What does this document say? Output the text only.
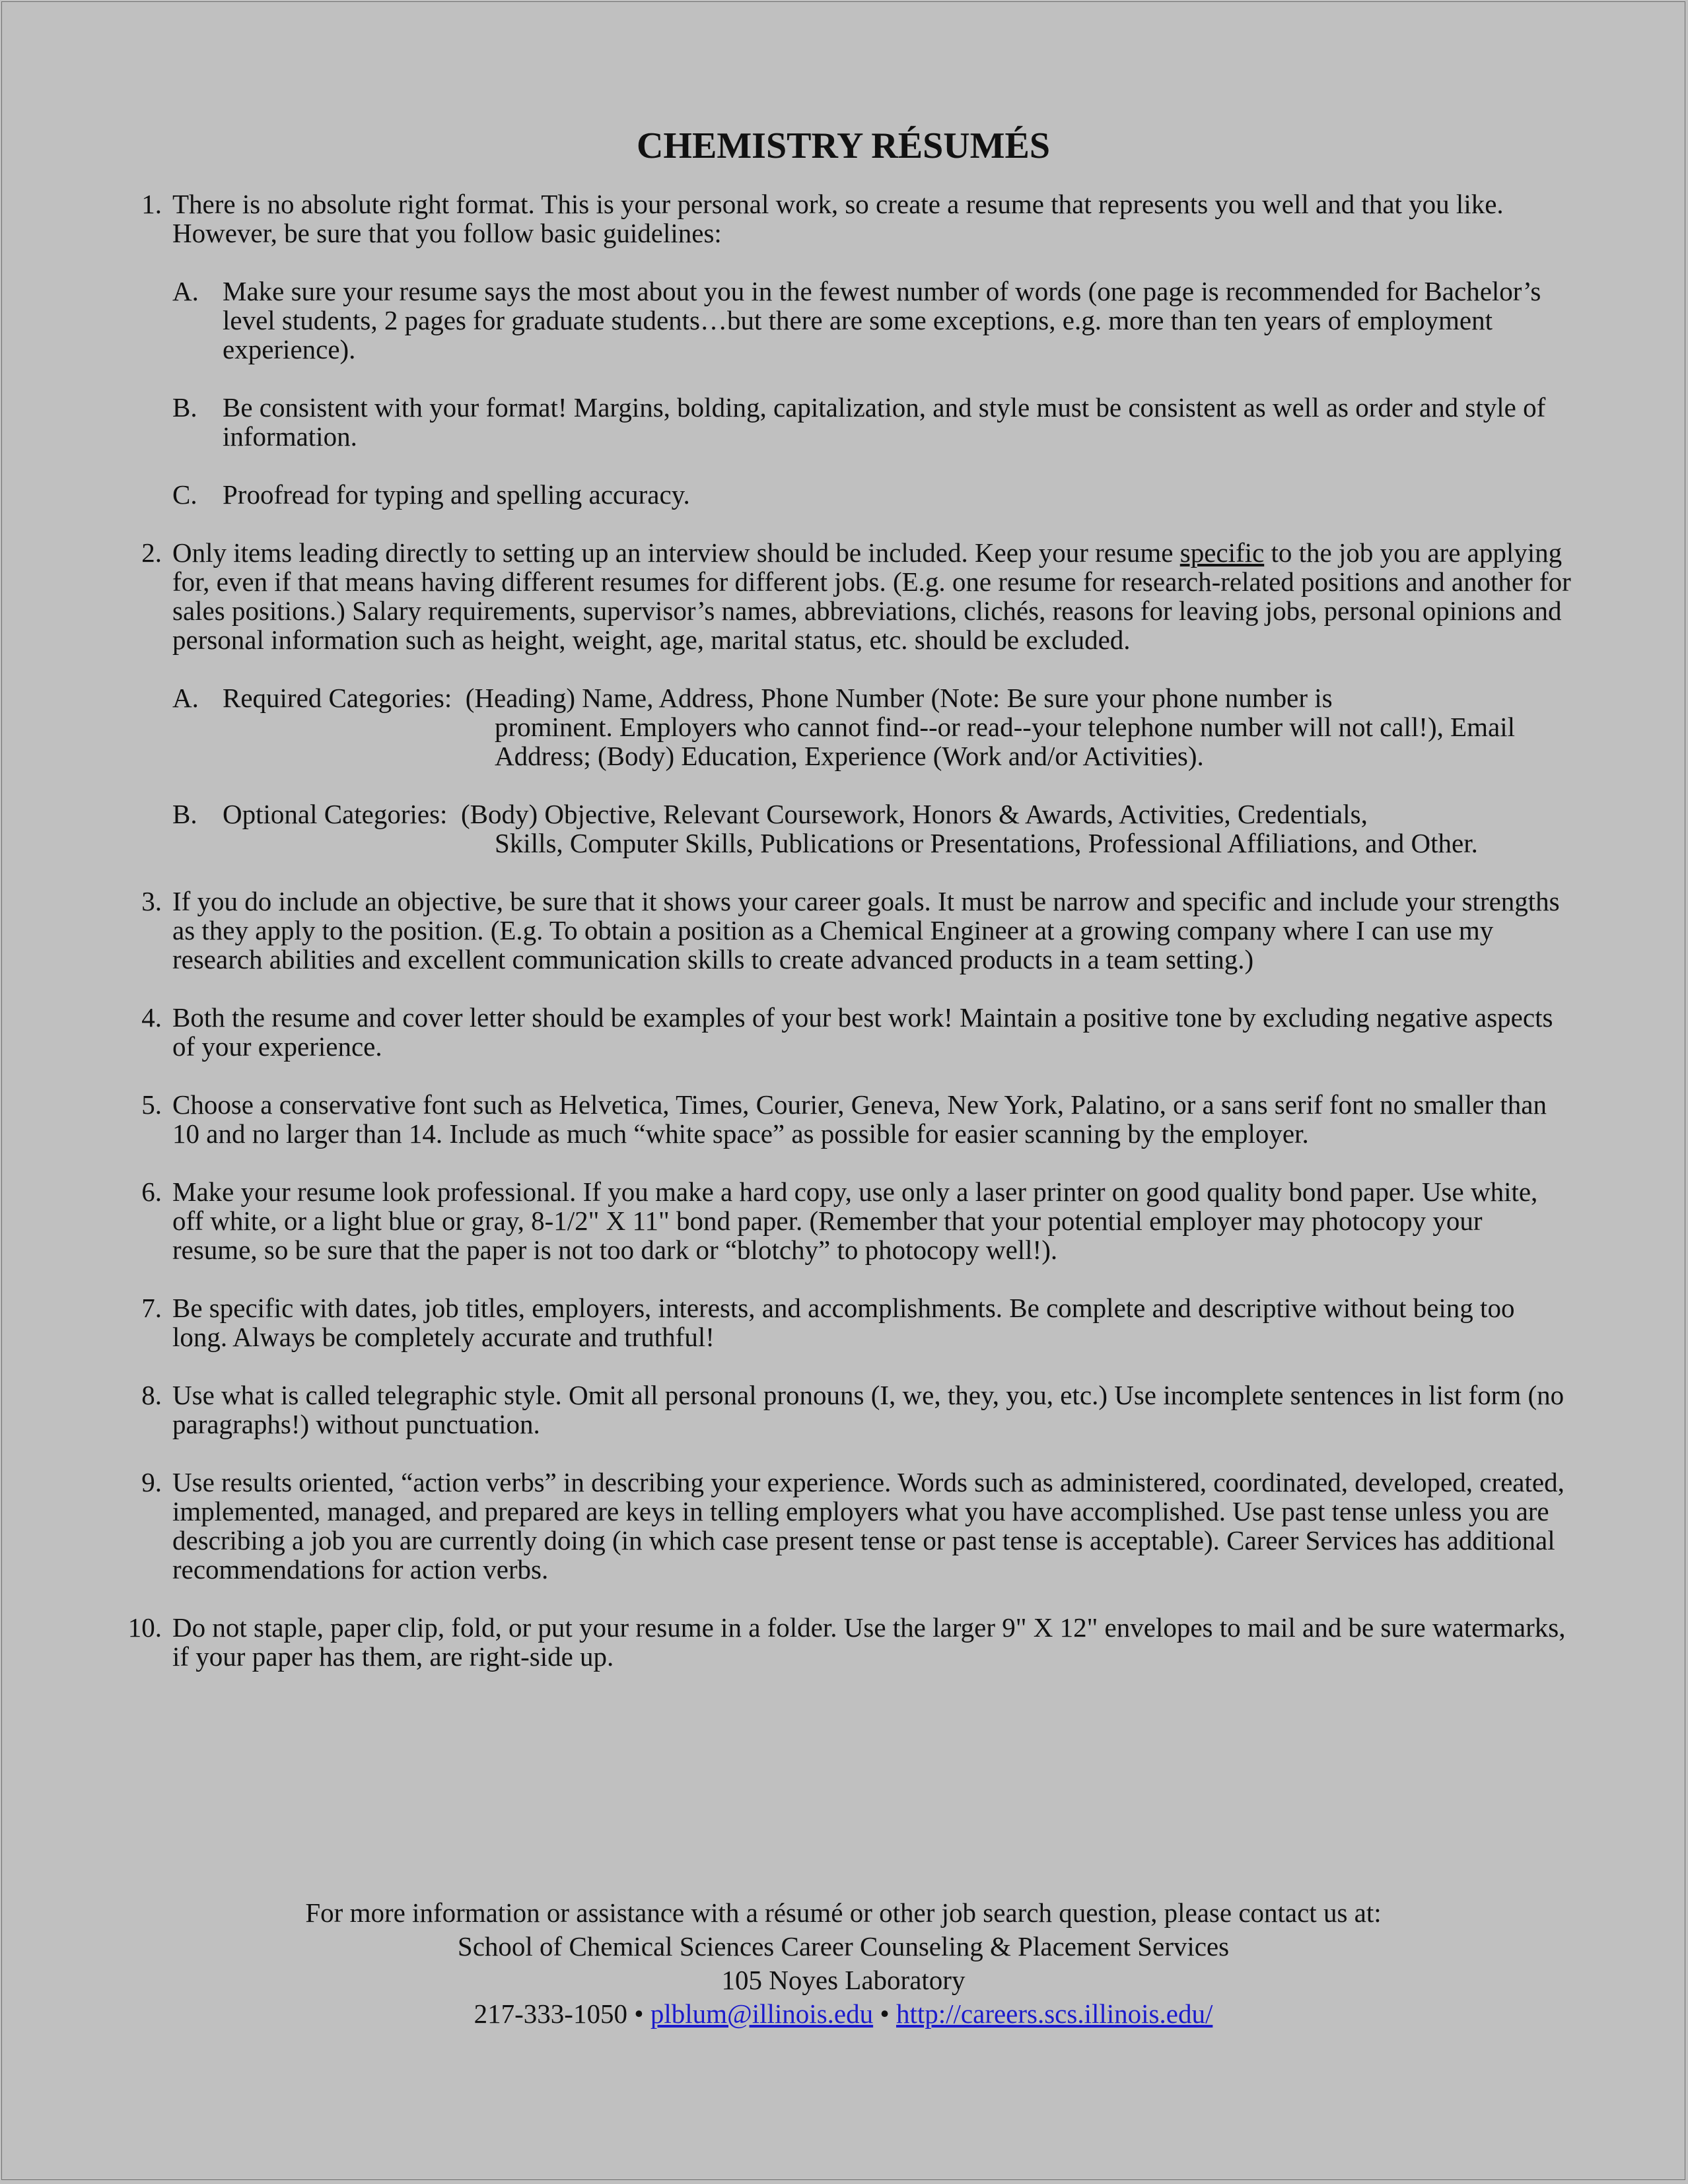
CHEMISTRY RÉSUMÉS
1. There is no absolute right format. This is your personal work, so create a resume that represents you well and that you like. However, be sure that you follow basic guidelines:
A. Make sure your resume says the most about you in the fewest number of words (one page is recommended for Bachelor’s level students, 2 pages for graduate students…but there are some exceptions, e.g. more than ten years of employment experience).
B. Be consistent with your format! Margins, bolding, capitalization, and style must be consistent as well as order and style of information.
C. Proofread for typing and spelling accuracy.
2. Only items leading directly to setting up an interview should be included. Keep your resume specific to the job you are applying for, even if that means having different resumes for different jobs. (E.g. one resume for research-related positions and another for sales positions.) Salary requirements, supervisor’s names, abbreviations, clichés, reasons for leaving jobs, personal opinions and personal information such as height, weight, age, marital status, etc. should be excluded.
A. Required Categories:  (Heading) Name, Address, Phone Number (Note: Be sure your phone number is
prominent. Employers who cannot find--or read--your telephone number will not call!), Email Address; (Body) Education, Experience (Work and/or Activities).
B. Optional Categories:  (Body) Objective, Relevant Coursework, Honors & Awards, Activities, Credentials,
Skills, Computer Skills, Publications or Presentations, Professional Affiliations, and Other.
3. If you do include an objective, be sure that it shows your career goals. It must be narrow and specific and include your strengths as they apply to the position. (E.g. To obtain a position as a Chemical Engineer at a growing company where I can use my research abilities and excellent communication skills to create advanced products in a team setting.)
4. Both the resume and cover letter should be examples of your best work! Maintain a positive tone by excluding negative aspects of your experience.
5. Choose a conservative font such as Helvetica, Times, Courier, Geneva, New York, Palatino, or a sans serif font no smaller than 10 and no larger than 14. Include as much “white space” as possible for easier scanning by the employer.
6. Make your resume look professional. If you make a hard copy, use only a laser printer on good quality bond paper. Use white, off white, or a light blue or gray, 8-1/2" X 11" bond paper. (Remember that your potential employer may photocopy your resume, so be sure that the paper is not too dark or “blotchy” to photocopy well!).
7. Be specific with dates, job titles, employers, interests, and accomplishments. Be complete and descriptive without being too long. Always be completely accurate and truthful!
8. Use what is called telegraphic style. Omit all personal pronouns (I, we, they, you, etc.) Use incomplete sentences in list form (no paragraphs!) without punctuation.
9. Use results oriented, “action verbs” in describing your experience. Words such as administered, coordinated, developed, created, implemented, managed, and prepared are keys in telling employers what you have accomplished. Use past tense unless you are describing a job you are currently doing (in which case present tense or past tense is acceptable). Career Services has additional recommendations for action verbs.
10. Do not staple, paper clip, fold, or put your resume in a folder. Use the larger 9" X 12" envelopes to mail and be sure watermarks, if your paper has them, are right-side up.
For more information or assistance with a résumé or other job search question, please contact us at:
School of Chemical Sciences Career Counseling & Placement Services
105 Noyes Laboratory
217-333-1050 • plblum@illinois.edu • http://careers.scs.illinois.edu/
